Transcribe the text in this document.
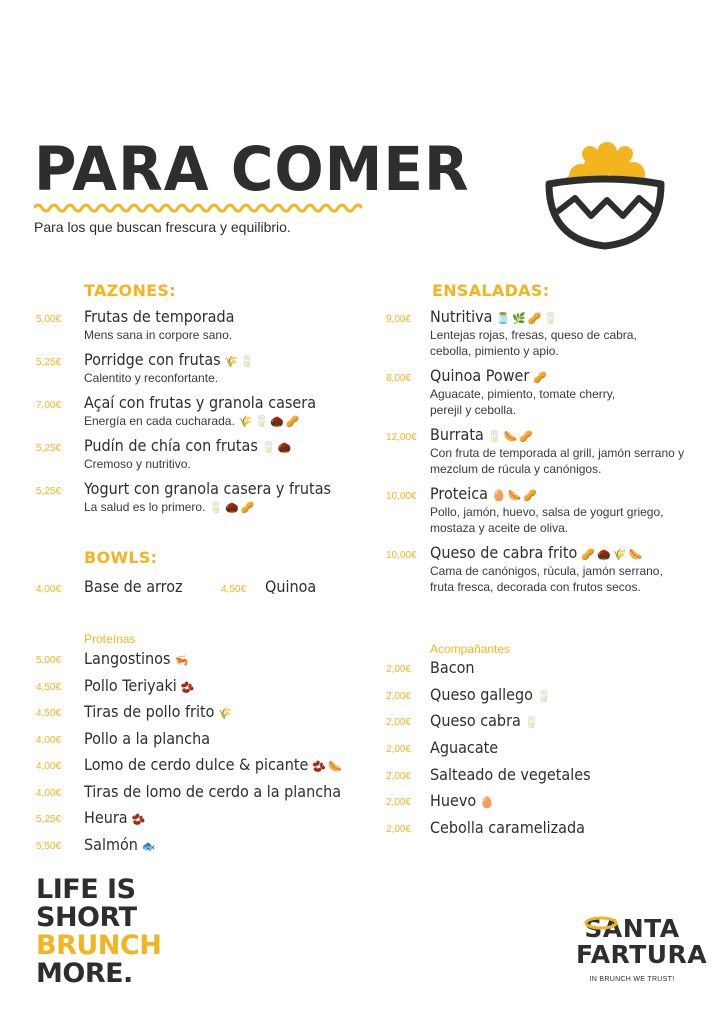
PARA COMER
Para los que buscan frescura y equilibrio.
TAZONES:
5,00€ Frutas de temporada
Mens sana in corpore sano.
5,25€ Porridge con frutas 🌾🥛
Calentito y reconfortante.
7,00€ Açaí con frutas y granola casera
Energía en cada cucharada. 🌾🥛🌰🥜
5,25€ Pudín de chía con frutas 🥛🌰
Cremoso y nutritivo.
5,25€ Yogurt con granola casera y frutas
La salud es lo primero. 🥛🌰🥜
BOWLS:
4,00€ Base de arroz	4,50€ Quinoa
Proteínas
5,00€ Langostinos 🦐
4,50€ Pollo Teriyaki 🫘
4,50€ Tiras de pollo frito 🌾
4,00€ Pollo a la plancha
4,00€ Lomo de cerdo dulce & picante 🫘🌭
4,00€ Tiras de lomo de cerdo a la plancha
5,25€ Heura 🫘
5,50€ Salmón 🐟
ENSALADAS:
9,00€ Nutritiva 🫙🌿🥜🥛
Lentejas rojas, fresas, queso de cabra, cebolla, pimiento y apio.
8,00€ Quinoa Power 🥜
Aguacate, pimiento, tomate cherry, perejil y cebolla.
12,00€ Burrata 🥛🌭🥜
Con fruta de temporada al grill, jamón serrano y mezclum de rúcula y canónigos.
10,00€ Proteica 🥚🌭🥜
Pollo, jamón, huevo, salsa de yogurt griego, mostaza y aceite de oliva.
10,00€ Queso de cabra frito 🥜🌰🌾🌭
Cama de canónigos, rúcula, jamón serrano, fruta fresca, decorada con frutos secos.
Acompañantes
2,00€ Bacon
2,00€ Queso gallego 🥛
2,00€ Queso cabra 🥛
2,00€ Aguacate
2,00€ Salteado de vegetales
2,00€ Huevo 🥚
2,00€ Cebolla caramelizada
LIFE IS
SHORT
BRUNCH
MORE.
SANTA
FARTURA
IN BRUNCH WE TRUST!
